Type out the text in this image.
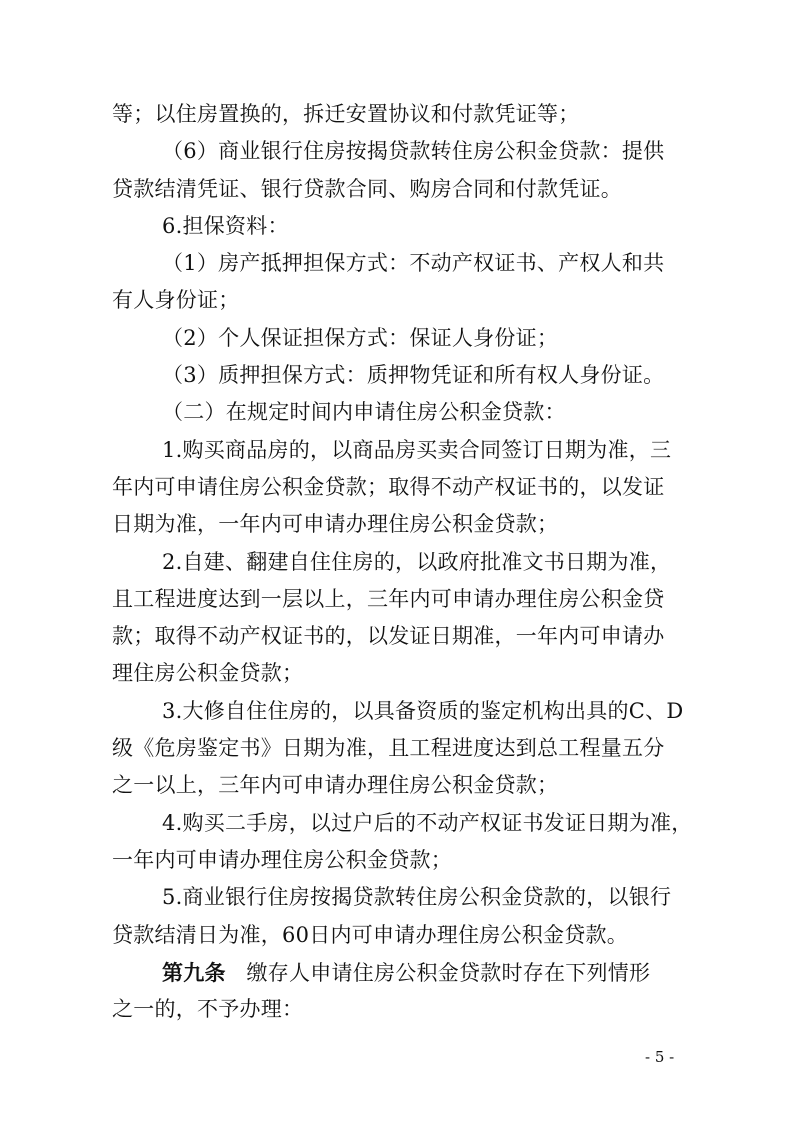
等；以住房置换的，拆迁安置协议和付款凭证等；
（6）商业银行住房按揭贷款转住房公积金贷款：提供
贷款结清凭证、银行贷款合同、购房合同和付款凭证。
6.担保资料：
（1）房产抵押担保方式：不动产权证书、产权人和共
有人身份证；
（2）个人保证担保方式：保证人身份证；
（3）质押担保方式：质押物凭证和所有权人身份证。
（二）在规定时间内申请住房公积金贷款：
1.购买商品房的，以商品房买卖合同签订日期为准，三
年内可申请住房公积金贷款；取得不动产权证书的，以发证
日期为准，一年内可申请办理住房公积金贷款；
2.自建、翻建自住住房的，以政府批准文书日期为准，
且工程进度达到一层以上，三年内可申请办理住房公积金贷
款；取得不动产权证书的，以发证日期准，一年内可申请办
理住房公积金贷款；
3.大修自住住房的，以具备资质的鉴定机构出具的C、D
级《危房鉴定书》日期为准，且工程进度达到总工程量五分
之一以上，三年内可申请办理住房公积金贷款；
4.购买二手房，以过户后的不动产权证书发证日期为准，
一年内可申请办理住房公积金贷款；
5.商业银行住房按揭贷款转住房公积金贷款的，以银行
贷款结清日为准，60日内可申请办理住房公积金贷款。
第九条   缴存人申请住房公积金贷款时存在下列情形
之一的，不予办理：
- 5 -
